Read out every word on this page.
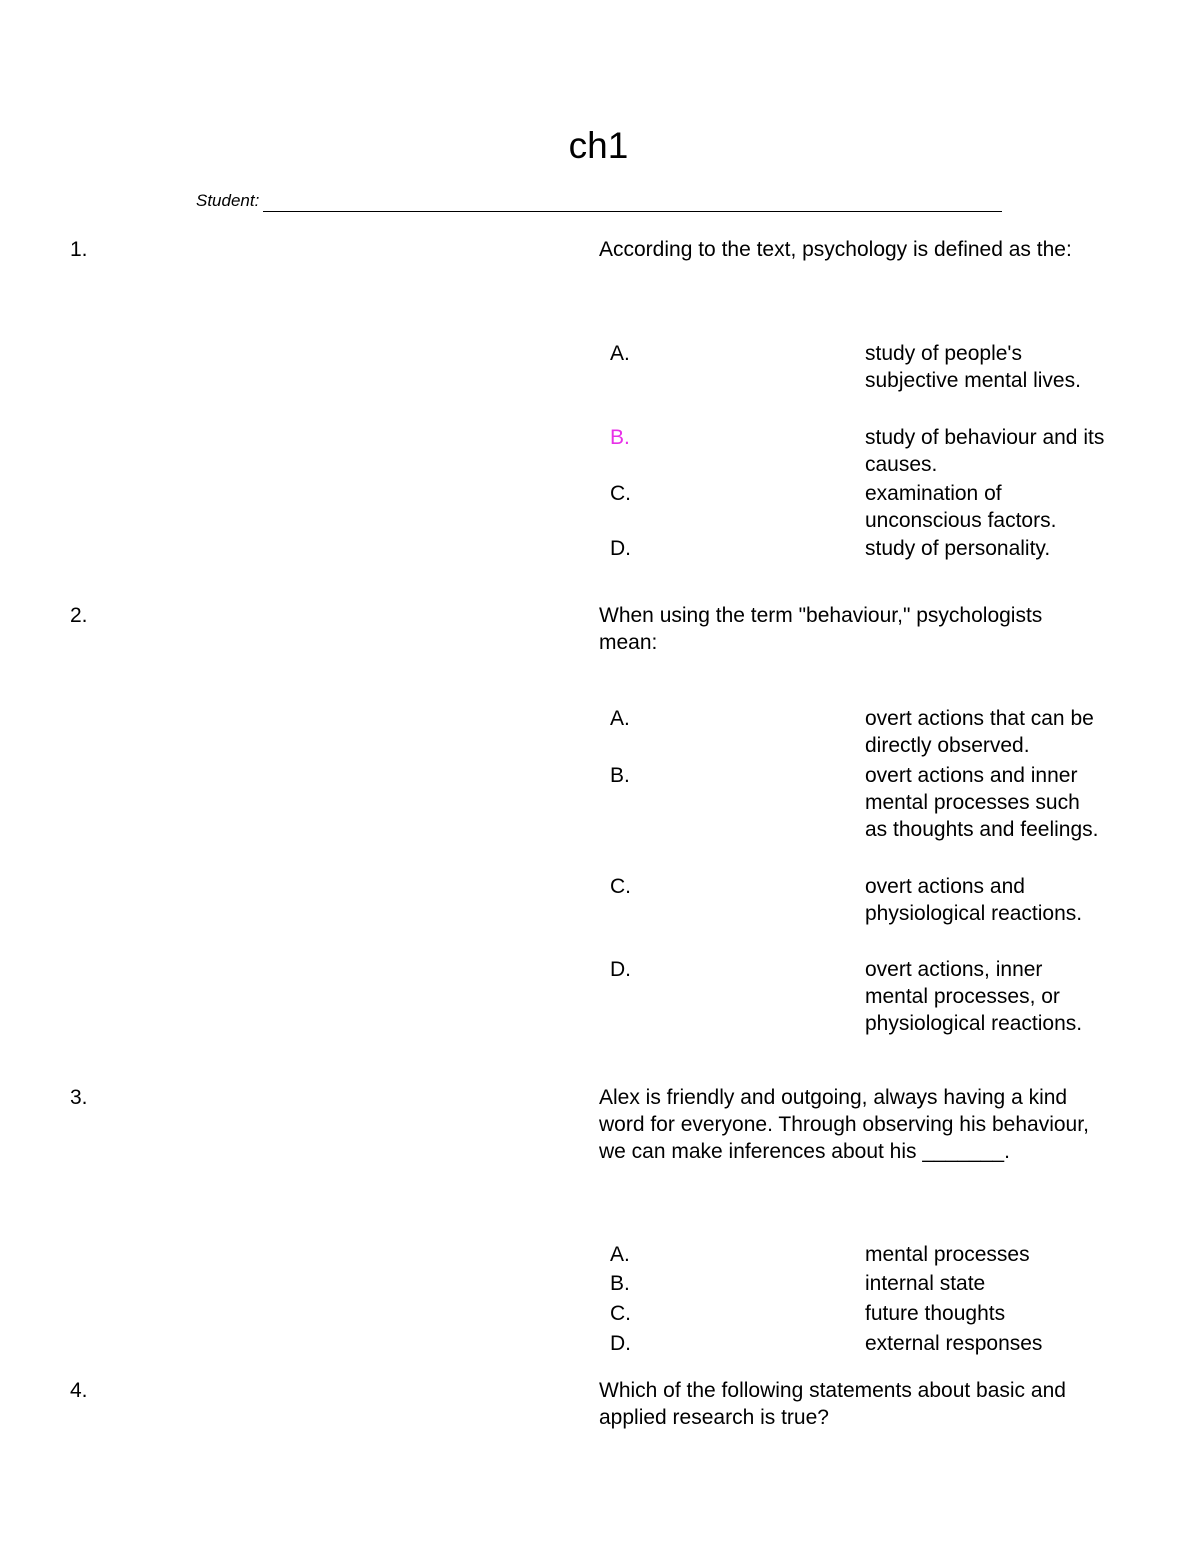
ch1
Student:
1.	According to the text, psychology is defined as the:
A.	study of people's subjective mental lives.
B.	study of behaviour and its causes.
C.	examination of unconscious factors.
D.	study of personality.
2.	When using the term "behaviour," psychologists mean:
A.	overt actions that can be directly observed.
B.	overt actions and inner mental processes such as thoughts and feelings.
C.	overt actions and physiological reactions.
D.	overt actions, inner mental processes, or physiological reactions.
3.	Alex is friendly and outgoing, always having a kind word for everyone. Through observing his behaviour, we can make inferences about his _______.
A.	mental processes
B.	internal state
C.	future thoughts
D.	external responses
4.	Which of the following statements about basic and applied research is true?
